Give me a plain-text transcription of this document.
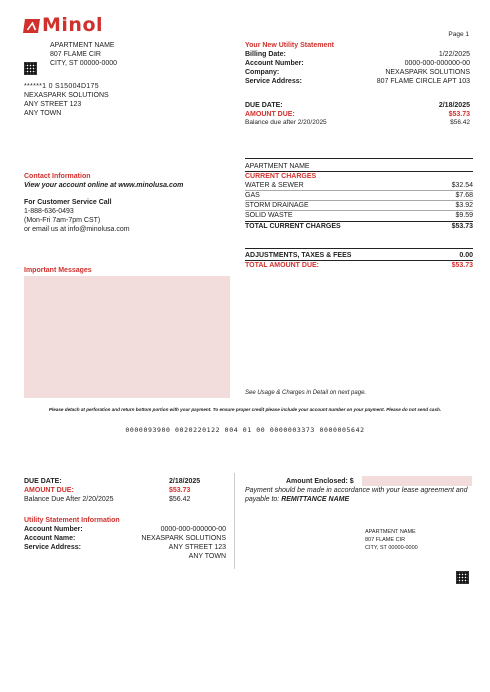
Minol	Page 1
APARTMENT NAME
807 FLAME CIR
CITY, ST 00000-0000
******1 0 S15004D175
NEXASPARK SOLUTIONS
ANY STREET 123
ANY TOWN
Your New Utility Statement
Billing Date:	1/22/2025
Account Number:	0000-000-000000-00
Company:	NEXASPARK SOLUTIONS
Service Address:	807 FLAME CIRCLE APT 103
DUE DATE:	2/18/2025
AMOUNT DUE:	$53.73
Balance due after 2/20/2025	$56.42
Contact Information
View your account online at www.minolusa.com
For Customer Service Call
1-888-636-0493
(Mon-Fri 7am-7pm CST)
or email us at info@minolusa.com
APARTMENT NAME
CURRENT CHARGES
WATER & SEWER	$32.54
GAS	$7.68
STORM DRAINAGE	$3.92
SOLID WASTE	$9.59
TOTAL CURRENT CHARGES	$53.73
ADJUSTMENTS, TAXES & FEES	0.00
TOTAL AMOUNT DUE:	$53.73
Important Messages
See Usage & Charges in Detail on next page.
Please detach at perforation and return bottom portion with your payment. To ensure proper credit please include your account number on your payment. Please do not send cash.
0000093900 0020220122 004 01 00 0000003373 0000005642
DUE DATE:	2/18/2025
AMOUNT DUE:	$53.73
Balance Due After 2/20/2025	$56.42
Utility Statement Information
Account Number:	0000-000-000000-00
Account Name:	NEXASPARK SOLUTIONS
Service Address:	ANY STREET 123
ANY TOWN
Amount Enclosed: $
Payment should be made in accordance with your lease agreement and
payable to: REMITTANCE NAME
APARTMENT NAME
807 FLAME CIR
CITY, ST 00000-0000
